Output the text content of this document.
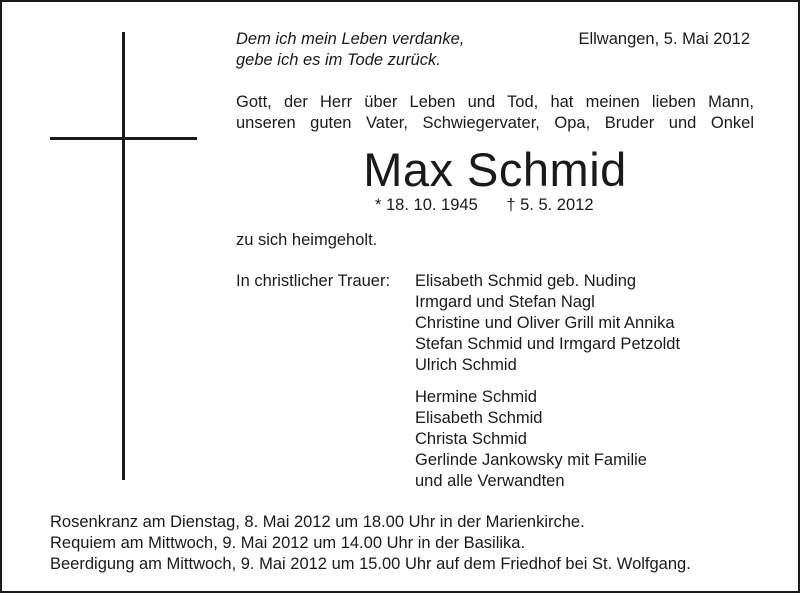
Dem ich mein Leben verdanke,
gebe ich es im Tode zurück.
Ellwangen, 5. Mai 2012
Gott, der Herr über Leben und Tod, hat meinen lieben Mann,
unseren guten Vater, Schwiegervater, Opa, Bruder und Onkel
Max Schmid
* 18. 10. 1945 † 5. 5. 2012
zu sich heimgeholt.
In christlicher Trauer: Elisabeth Schmid geb. Nuding
Irmgard und Stefan Nagl
Christine und Oliver Grill mit Annika
Stefan Schmid und Irmgard Petzoldt
Ulrich Schmid
Hermine Schmid
Elisabeth Schmid
Christa Schmid
Gerlinde Jankowsky mit Familie
und alle Verwandten
Rosenkranz am Dienstag, 8. Mai 2012 um 18.00 Uhr in der Marienkirche.
Requiem am Mittwoch, 9. Mai 2012 um 14.00 Uhr in der Basilika.
Beerdigung am Mittwoch, 9. Mai 2012 um 15.00 Uhr auf dem Friedhof bei St. Wolfgang.
